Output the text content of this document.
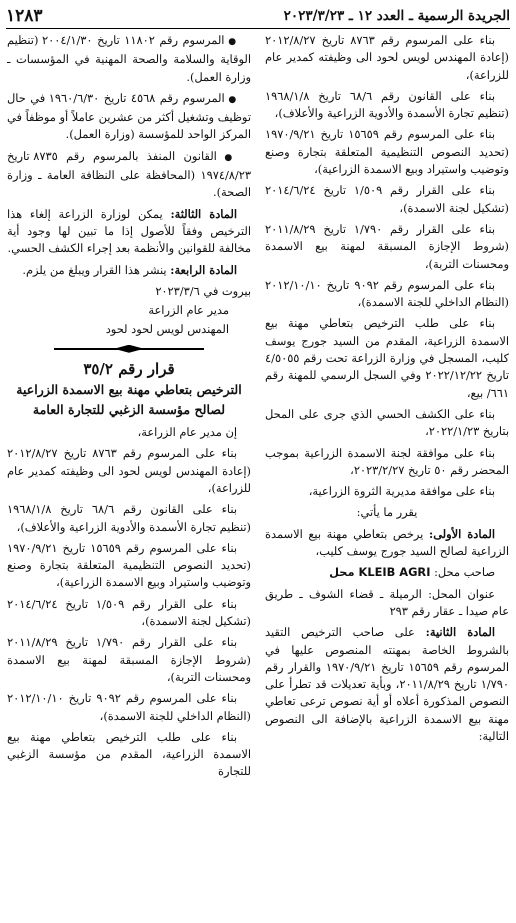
الجريدة الرسمية ـ العدد ١٢ ـ ٢٠٢٣/٣/٢٣
١٢٨٣

بناء على المرسوم رقم ٨٧٦٣ تاريخ ٢٠١٢/٨/٢٧ (إعادة المهندس لويس لحود الى وظيفته كمدير عام للزراعة)،

بناء على القانون رقم ٦٨/٦ تاريخ ١٩٦٨/١/٨ (تنظيم تجارة الأسمدة والأدوية الزراعية والأعلاف)،

بناء على المرسوم رقم ١٥٦٥٩ تاريخ ١٩٧٠/٩/٢١ (تحديد النصوص التنظيمية المتعلقة بتجارة وصنع وتوضيب واستيراد وبيع الاسمدة الزراعية)،

بناء على القرار رقم ١/٥٠٩ تاريخ ٢٠١٤/٦/٢٤ (تشكيل لجنة الاسمدة)،

بناء على القرار رقم ١/٧٩٠ تاريخ ٢٠١١/٨/٢٩ (شروط الإجازة المسبقة لمهنة بيع الاسمدة ومحسنات التربة)،

بناء على المرسوم رقم ٩٠٩٢ تاريخ ٢٠١٢/١٠/١٠ (النظام الداخلي للجنة الاسمدة)،

بناء على طلب الترخيص بتعاطي مهنة بيع الاسمدة الزراعية، المقدم من السيد جورج يوسف كليب، المسجل في وزارة الزراعة تحت رقم ٤/٥٠٥٥ تاريخ ٢٠٢٢/١٢/٢٢ وفي السجل الرسمي للمهنة رقم ٦٦١/ بيع،

بناء على الكشف الحسي الذي جرى على المحل بتاريخ ٢٠٢٢/١/٢٣،

بناء على موافقة لجنة الاسمدة الزراعية بموجب المحضر رقم ٥٠ تاريخ ٢٠٢٣/٢/٢٧،

بناء على موافقة مديرية الثروة الزراعية،

يقرر ما يأتي:

المادة الأولى: يرخص بتعاطي مهنة بيع الاسمدة الزراعية لصالح السيد جورج يوسف كليب،

صاحب محل: محل KLEIB AGRI

عنوان المحل: الرميلة ـ قضاء الشوف ـ طريق عام صيدا ـ عقار رقم ٢٩٣

المادة الثانية: على صاحب الترخيص التقيد بالشروط الخاصة بمهنته المنصوص عليها في المرسوم رقم ١٥٦٥٩ تاريخ ١٩٧٠/٩/٢١ والقرار رقم ١/٧٩٠ تاريخ ٢٠١١/٨/٢٩، وبأية تعديلات قد تطرأ على النصوص المذكورة أعلاه أو أية نصوص ترعى تعاطي مهنة بيع الاسمدة الزراعية بالإضافة الى النصوص التالية:

● المرسوم رقم ١١٨٠٢ تاريخ ٢٠٠٤/١/٣٠ (تنظيم الوقاية والسلامة والصحة المهنية في المؤسسات ـ وزارة العمل).

● المرسوم رقم ٤٥٦٨ تاريخ ١٩٦٠/٦/٣٠ في حال توظيف وتشغيل أكثر من عشرين عاملاً أو موظفاً في المركز الواحد للمؤسسة (وزارة العمل).

● القانون المنفذ بالمرسوم رقم ٨٧٣٥ تاريخ ١٩٧٤/٨/٢٣ (المحافظة على النظافة العامة ـ وزارة الصحة).

المادة الثالثة: يمكن لوزارة الزراعة إلغاء هذا الترخيص وفقاً للأصول إذا ما تبين لها وجود أية مخالفة للقوانين والأنظمة بعد إجراء الكشف الحسي.

المادة الرابعة: ينشر هذا القرار ويبلغ من يلزم.

بيروت في ٢٠٢٣/٣/٦

مدير عام الزراعة

المهندس لويس لحود لحود

قرار رقم ٣٥/٢
الترخيص بتعاطي مهنة بيع الاسمدة الزراعية لصالح مؤسسة الزغبي للتجارة العامة

إن مدير عام الزراعة،

بناء على المرسوم رقم ٨٧٦٣ تاريخ ٢٠١٢/٨/٢٧ (إعادة المهندس لويس لحود الى وظيفته كمدير عام للزراعة)،

بناء على القانون رقم ٦٨/٦ تاريخ ١٩٦٨/١/٨ (تنظيم تجارة الأسمدة والأدوية الزراعية والأعلاف)،

بناء على المرسوم رقم ١٥٦٥٩ تاريخ ١٩٧٠/٩/٢١ (تحديد النصوص التنظيمية المتعلقة بتجارة وصنع وتوضيب واستيراد وبيع الاسمدة الزراعية)،

بناء على القرار رقم ١/٥٠٩ تاريخ ٢٠١٤/٦/٢٤ (تشكيل لجنة الاسمدة)،

بناء على القرار رقم ١/٧٩٠ تاريخ ٢٠١١/٨/٢٩ (شروط الإجازة المسبقة لمهنة بيع الاسمدة ومحسنات التربة)،

بناء على المرسوم رقم ٩٠٩٢ تاريخ ٢٠١٢/١٠/١٠ (النظام الداخلي للجنة الاسمدة)،

بناء على طلب الترخيص بتعاطي مهنة بيع الاسمدة الزراعية، المقدم من مؤسسة الزغبي للتجارة
